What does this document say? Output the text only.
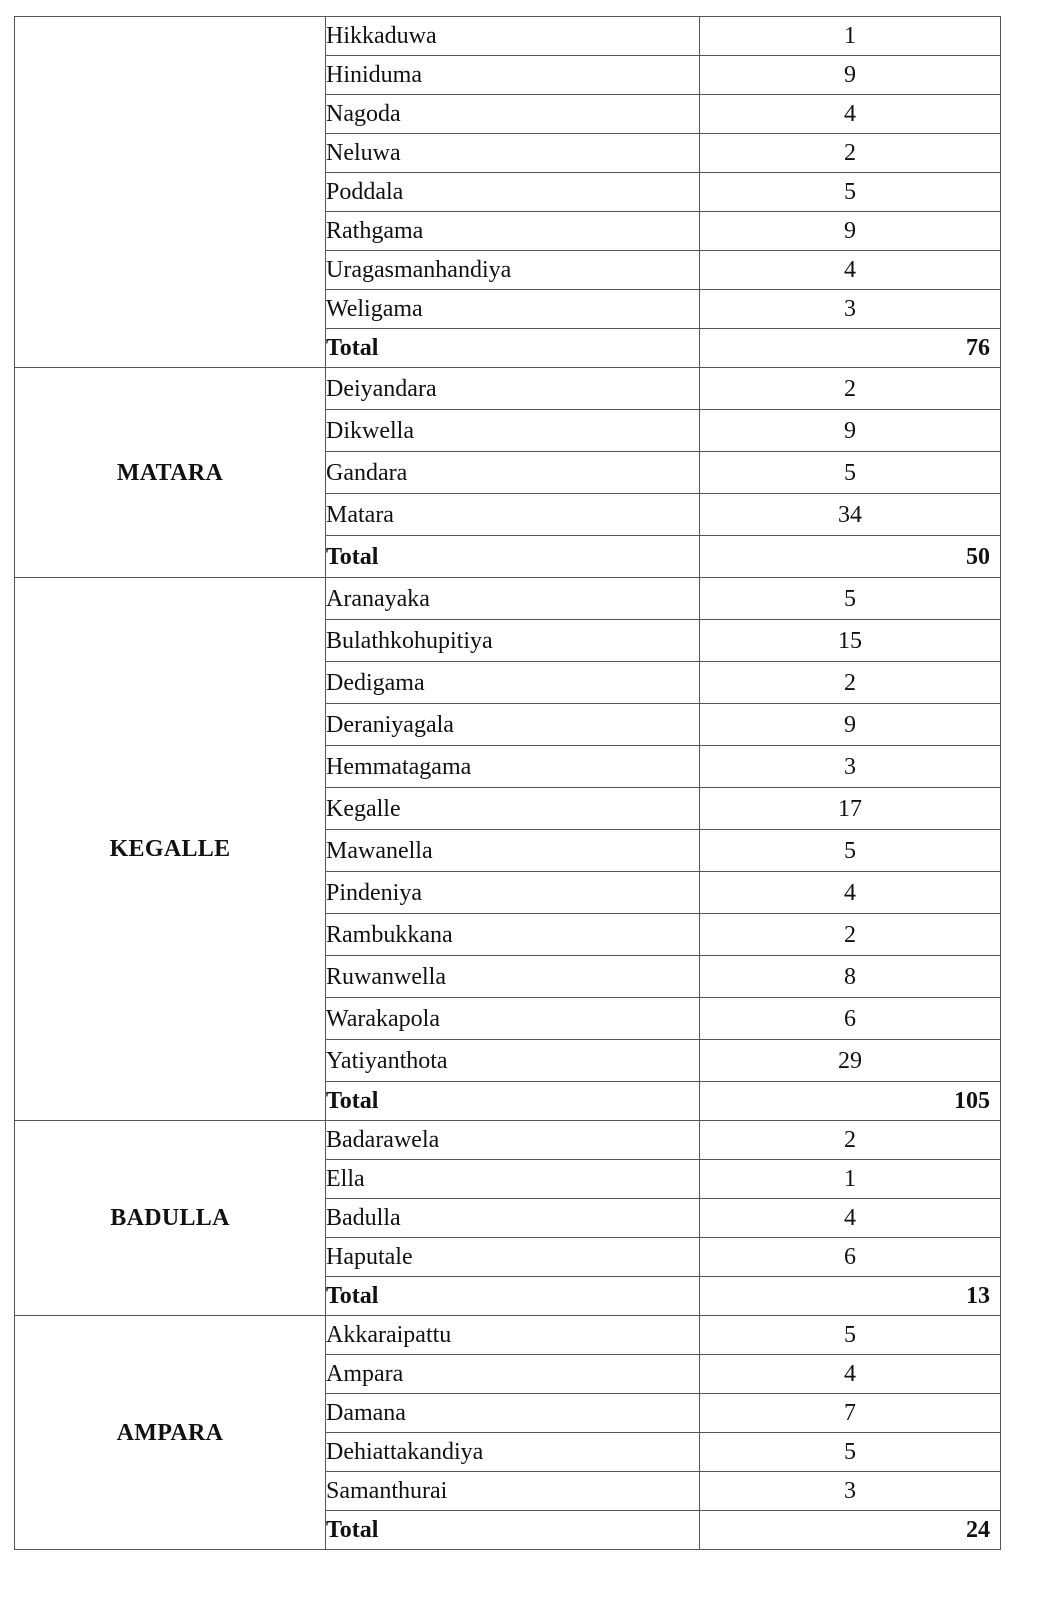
	Hikkaduwa	1
	Hiniduma	9
	Nagoda	4
	Neluwa	2
	Poddala	5
	Rathgama	9
	Uragasmanhandiya	4
	Weligama	3
	Total	76
MATARA	Deiyandara	2
	Dikwella	9
	Gandara	5
	Matara	34
	Total	50
KEGALLE	Aranayaka	5
	Bulathkohupitiya	15
	Dedigama	2
	Deraniyagala	9
	Hemmatagama	3
	Kegalle	17
	Mawanella	5
	Pindeniya	4
	Rambukkana	2
	Ruwanwella	8
	Warakapola	6
	Yatiyanthota	29
	Total	105
BADULLA	Badarawela	2
	Ella	1
	Badulla	4
	Haputale	6
	Total	13
AMPARA	Akkaraipattu	5
	Ampara	4
	Damana	7
	Dehiattakandiya	5
	Samanthurai	3
	Total	24
